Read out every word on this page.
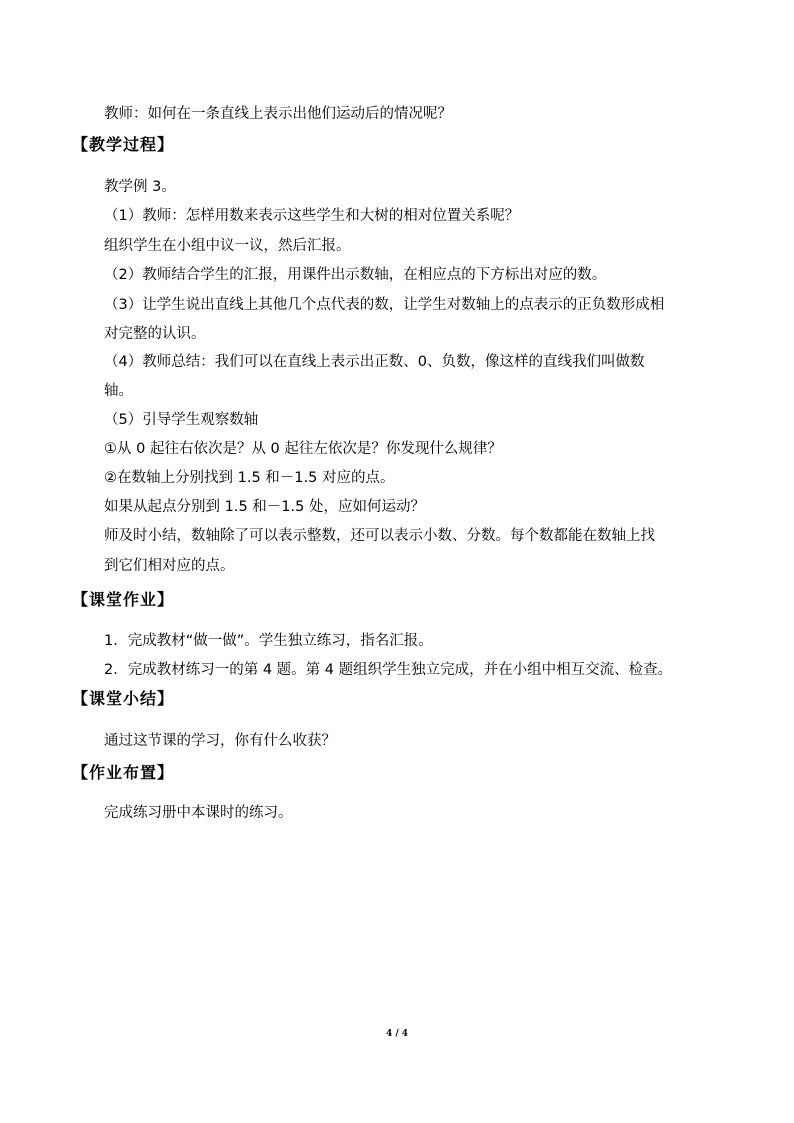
教师：如何在一条直线上表示出他们运动后的情况呢？
【教学过程】
教学例 3。
（1）教师：怎样用数来表示这些学生和大树的相对位置关系呢？
组织学生在小组中议一议，然后汇报。
（2）教师结合学生的汇报，用课件出示数轴，在相应点的下方标出对应的数。
（3）让学生说出直线上其他几个点代表的数，让学生对数轴上的点表示的正负数形成相
对完整的认识。
（4）教师总结：我们可以在直线上表示出正数、0、负数，像这样的直线我们叫做数
轴。
（5）引导学生观察数轴
①从 0 起往右依次是？从 0 起往左依次是？你发现什么规律？
②在数轴上分别找到 1.5 和－1.5 对应的点。
如果从起点分别到 1.5 和－1.5 处，应如何运动？
师及时小结，数轴除了可以表示整数，还可以表示小数、分数。每个数都能在数轴上找
到它们相对应的点。
【课堂作业】
1．完成教材“做一做”。学生独立练习，指名汇报。
2．完成教材练习一的第 4 题。第 4 题组织学生独立完成，并在小组中相互交流、检查。
【课堂小结】
通过这节课的学习，你有什么收获？
【作业布置】
完成练习册中本课时的练习。
4 / 4
